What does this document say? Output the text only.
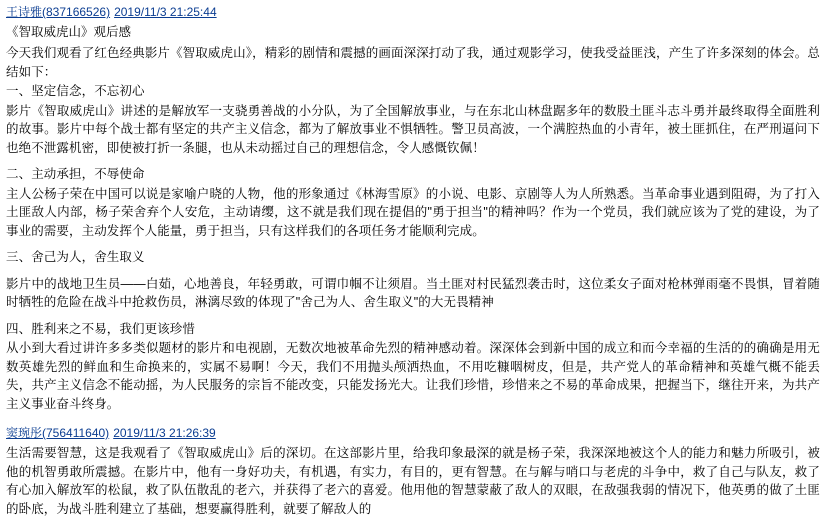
王诗雅(837166526) 2019/11/3 21:25:44
《智取威虎山》观后感

今天我们观看了红色经典影片《智取威虎山》，精彩的剧情和震撼的画面深深打动了我，通过观影学习，使我受益匪浅，产生了许多深刻的体会。总结如下：

一、坚定信念，不忘初心

影片《智取威虎山》讲述的是解放军一支骁勇善战的小分队，为了全国解放事业，与在东北山林盘踞多年的数股土匪斗志斗勇并最终取得全面胜利的故事。影片中每个战士都有坚定的共产主义信念，都为了解放事业不惧牺牲。警卫员高波，一个满腔热血的小青年，被土匪抓住，在严刑逼问下也绝不泄露机密，即使被打折一条腿，也从未动摇过自己的理想信念，令人感慨钦佩！

二、主动承担，不辱使命

主人公杨子荣在中国可以说是家喻户晓的人物，他的形象通过《林海雪原》的小说、电影、京剧等人为人所熟悉。当革命事业遇到阻碍，为了打入土匪敌人内部，杨子荣舍弃个人安危，主动请缨，这不就是我们现在提倡的"勇于担当"的精神吗？作为一个党员，我们就应该为了党的建设，为了事业的需要，主动发挥个人能量，勇于担当，只有这样我们的各项任务才能顺利完成。

三、舍己为人，舍生取义

影片中的战地卫生员——白茹，心地善良，年轻勇敢，可谓巾帼不让须眉。当土匪对村民猛烈袭击时，这位柔女子面对枪林弹雨毫不畏惧，冒着随时牺牲的危险在战斗中抢救伤员，淋漓尽致的体现了"舍己为人、舍生取义"的大无畏精神

四、胜利来之不易，我们更该珍惜

从小到大看过讲许多多类似题材的影片和电视剧，无数次地被革命先烈的精神感动着。深深体会到新中国的成立和而今幸福的生活的的确确是用无数英雄先烈的鲜血和生命换来的，实属不易啊！今天，我们不用抛头颅洒热血，不用吃糠咽树皮，但是，共产党人的革命精神和英雄气概不能丢失，共产主义信念不能动摇，为人民服务的宗旨不能改变，只能发扬光大。让我们珍惜，珍惜来之不易的革命成果，把握当下，继往开来，为共产主义事业奋斗终身。

窦琬彤(756411640) 2019/11/3 21:26:39

生活需要智慧，这是我观看了《智取威虎山》后的深切。在这部影片里，给我印象最深的就是杨子荣，我深深地被这个人的能力和魅力所吸引，被他的机智勇敢所震撼。在影片中，他有一身好功夫，有机遇，有实力，有目的，更有智慧。在与解与哨口与老虎的斗争中，救了自己与队友，救了有心加入解放军的松鼠，救了队伍散乱的老六，并获得了老六的喜爱。他用他的智慧蒙蔽了敌人的双眼，在敌强我弱的情况下，他英勇的做了土匪的卧底，为战斗胜利建立了基础，想要赢得胜利，就要了解敌人的
